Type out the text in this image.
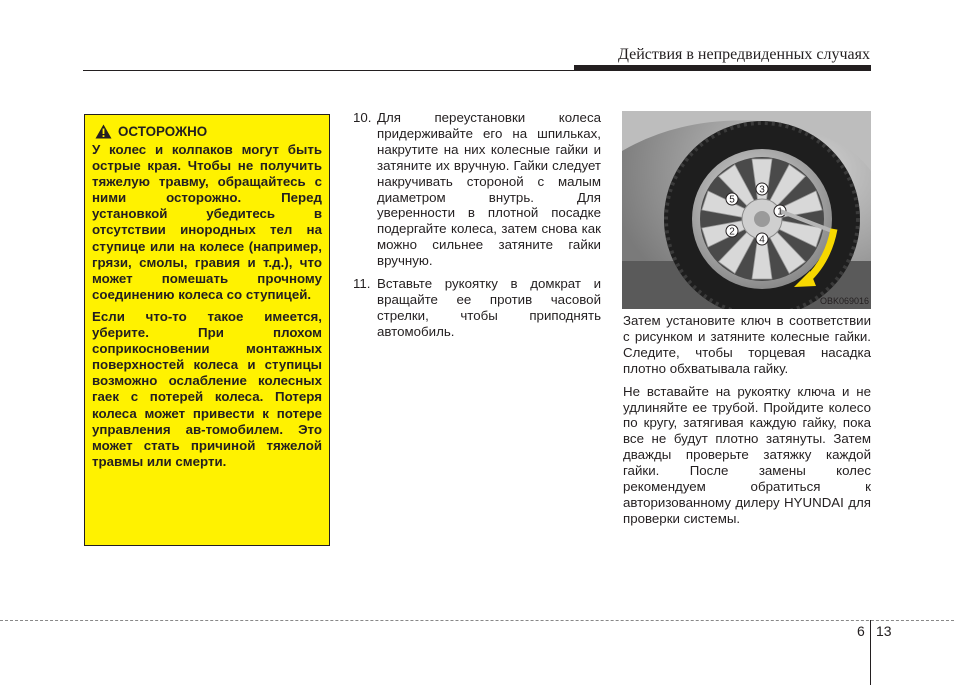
Действия в непредвиденных случаях
ОСТОРОЖНО

У колес и колпаков могут быть острые края. Чтобы не получить тяжелую травму, обращайтесь с ними осторожно. Перед установкой убедитесь в отсутствии инородных тел на ступице или на колесе (например, грязи, смолы, гравия и т.д.), что может помешать прочному соединению колеса со ступицей.

Если что-то такое имеется, уберите. При плохом соприкосновении монтажных поверхностей колеса и ступицы возможно ослабление колесных гаек с потерей колеса. Потеря колеса может привести к потере управления ав-томобилем. Это может стать причиной тяжелой травмы или смерти.

10. Для переустановки колеса придерживайте его на шпильках, накрутите на них колесные гайки и затяните их вручную. Гайки следует накручивать стороной с малым диаметром внутрь. Для уверенности в плотной посадке подергайте колеса, затем снова как можно сильнее затяните гайки вручную.
11. Вставьте рукоятку в домкрат и вращайте ее против часовой стрелки, чтобы приподнять автомобиль.
1
2
3
4
5
OBK069016

Затем установите ключ в соответствии с рисунком и затяните колесные гайки. Следите, чтобы торцевая насадка плотно обхватывала гайку.

Не вставайте на рукоятку ключа и не удлиняйте ее трубой. Пройдите колесо по кругу, затягивая каждую гайку, пока все не будут плотно затянуты. Затем дважды проверьте затяжку каждой гайки. После замены колес рекомендуем обратиться к авторизованному дилеру HYUNDAI для проверки системы.

6 13
